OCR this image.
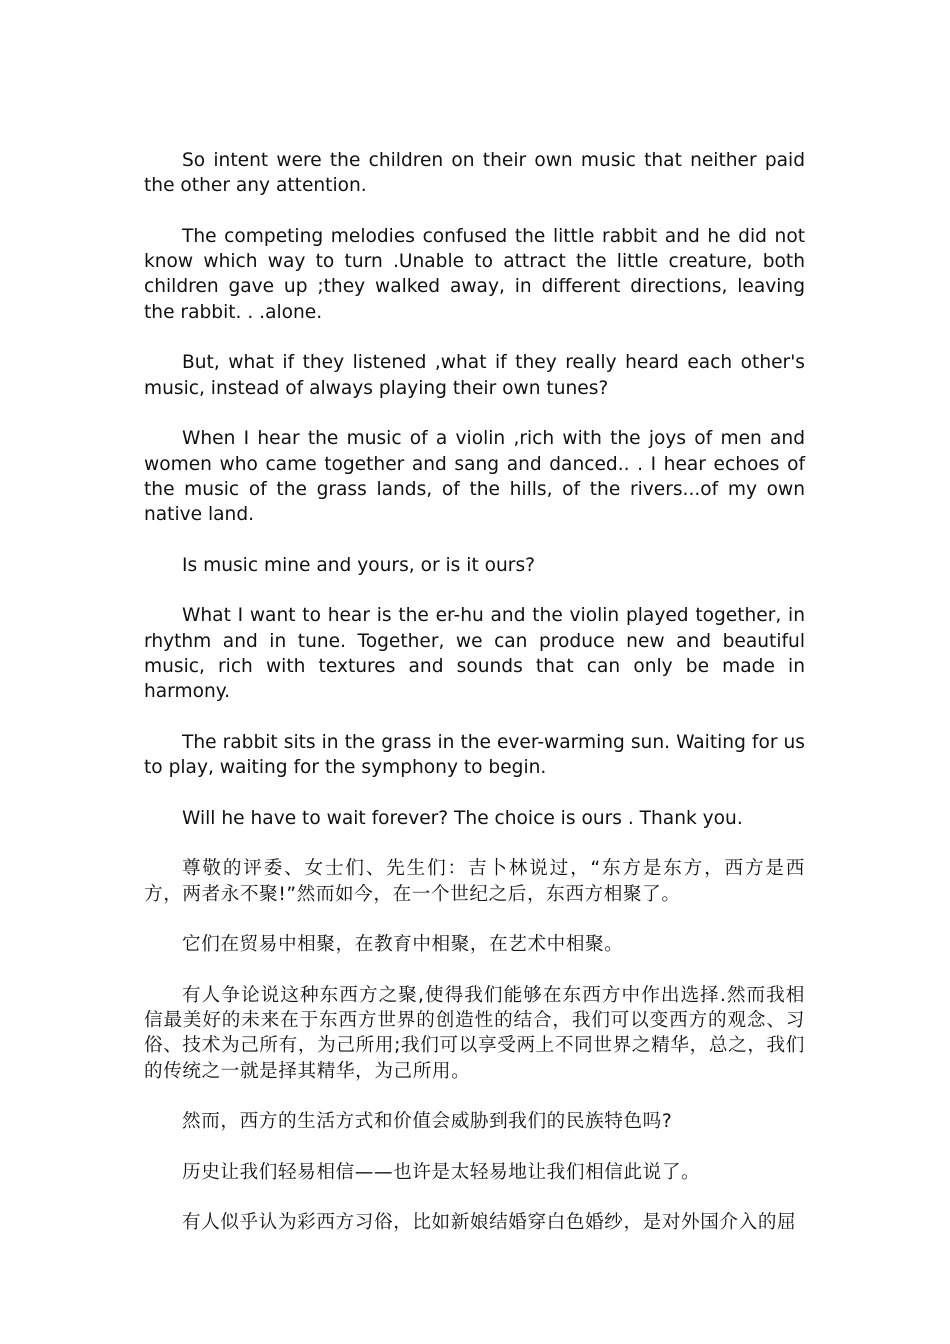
So intent were the children on their own music that neither paid the other any attention.

The competing melodies confused the little rabbit and he did not know which way to turn .Unable to attract the little creature, both children gave up ;they walked away, in different directions, leaving the rabbit. . .alone.

But, what if they listened ,what if they really heard each other's music, instead of always playing their own tunes?

When I hear the music of a violin ,rich with the joys of men and women who came together and sang and danced.. . I hear echoes of the music of the grass lands, of the hills, of the rivers...of my own native land.

Is music mine and yours, or is it ours?

What I want to hear is the er-hu and the violin played together, in rhythm and in tune. Together, we can produce new and beautiful music, rich with textures and sounds that can only be made in harmony.

The rabbit sits in the grass in the ever-warming sun. Waiting for us to play, waiting for the symphony to begin.

Will he have to wait forever? The choice is ours . Thank you.

尊敬的评委、女士们、先生们：吉卜林说过，“东方是东方，西方是西方，两者永不聚!”然而如今，在一个世纪之后，东西方相聚了。

它们在贸易中相聚，在教育中相聚，在艺术中相聚。

有人争论说这种东西方之聚,使得我们能够在东西方中作出选择.然而我相信最美好的未来在于东西方世界的创造性的结合，我们可以变西方的观念、习俗、技术为己所有，为己所用;我们可以享受两上不同世界之精华，总之，我们的传统之一就是择其精华，为己所用。

然而，西方的生活方式和价值会威胁到我们的民族特色吗?

历史让我们轻易相信——也许是太轻易地让我们相信此说了。

有人似乎认为彩西方习俗，比如新娘结婚穿白色婚纱，是对外国介入的屈
